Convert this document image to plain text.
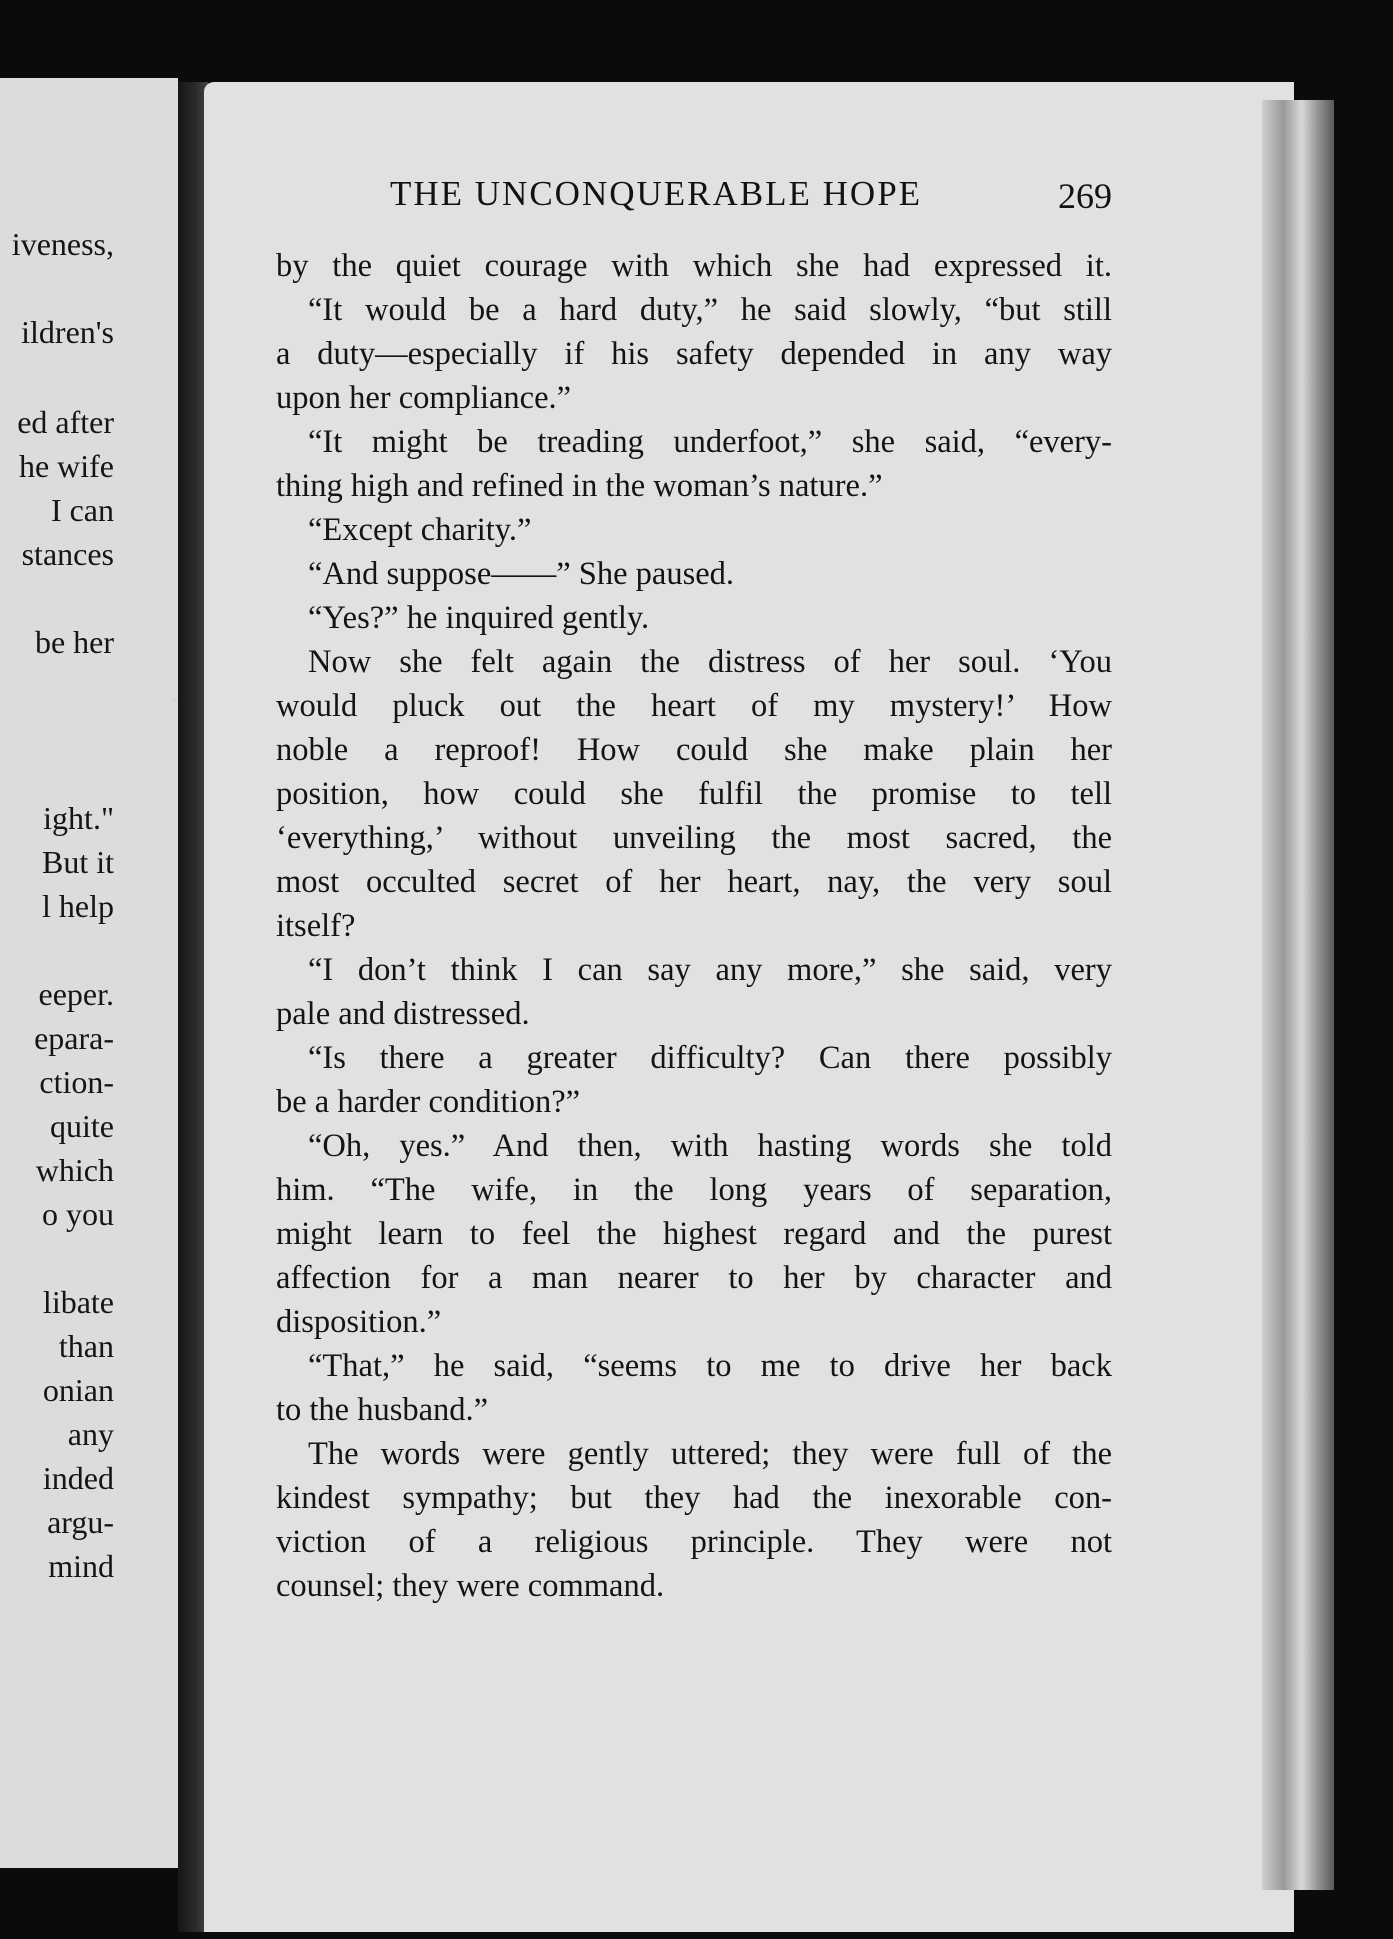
iveness,
ildren's
ed after
he wife
I can
stances
be her
ight."
But it
l help
eeper.
epara-
ction-
quite
which
o you
libate
than
onian
any
inded
argu-
mind
THE UNCONQUERABLE HOPE	269
by the quiet courage with which she had expressed it.
“It would be a hard duty,” he said slowly, “but still
a duty—especially if his safety depended in any way
upon her compliance.”
“It might be treading underfoot,” she said, “every-
thing high and refined in the woman’s nature.”
“Except charity.”
“And suppose——” She paused.
“Yes?” he inquired gently.
Now she felt again the distress of her soul. ‘You
would pluck out the heart of my mystery!’ How
noble a reproof! How could she make plain her
position, how could she fulfil the promise to tell
‘everything,’ without unveiling the most sacred, the
most occulted secret of her heart, nay, the very soul
itself?
“I don’t think I can say any more,” she said, very
pale and distressed.
“Is there a greater difficulty? Can there possibly
be a harder condition?”
“Oh, yes.” And then, with hasting words she told
him. “The wife, in the long years of separation,
might learn to feel the highest regard and the purest
affection for a man nearer to her by character and
disposition.”
“That,” he said, “seems to me to drive her back
to the husband.”
The words were gently uttered; they were full of the
kindest sympathy; but they had the inexorable con-
viction of a religious principle. They were not
counsel; they were command.
